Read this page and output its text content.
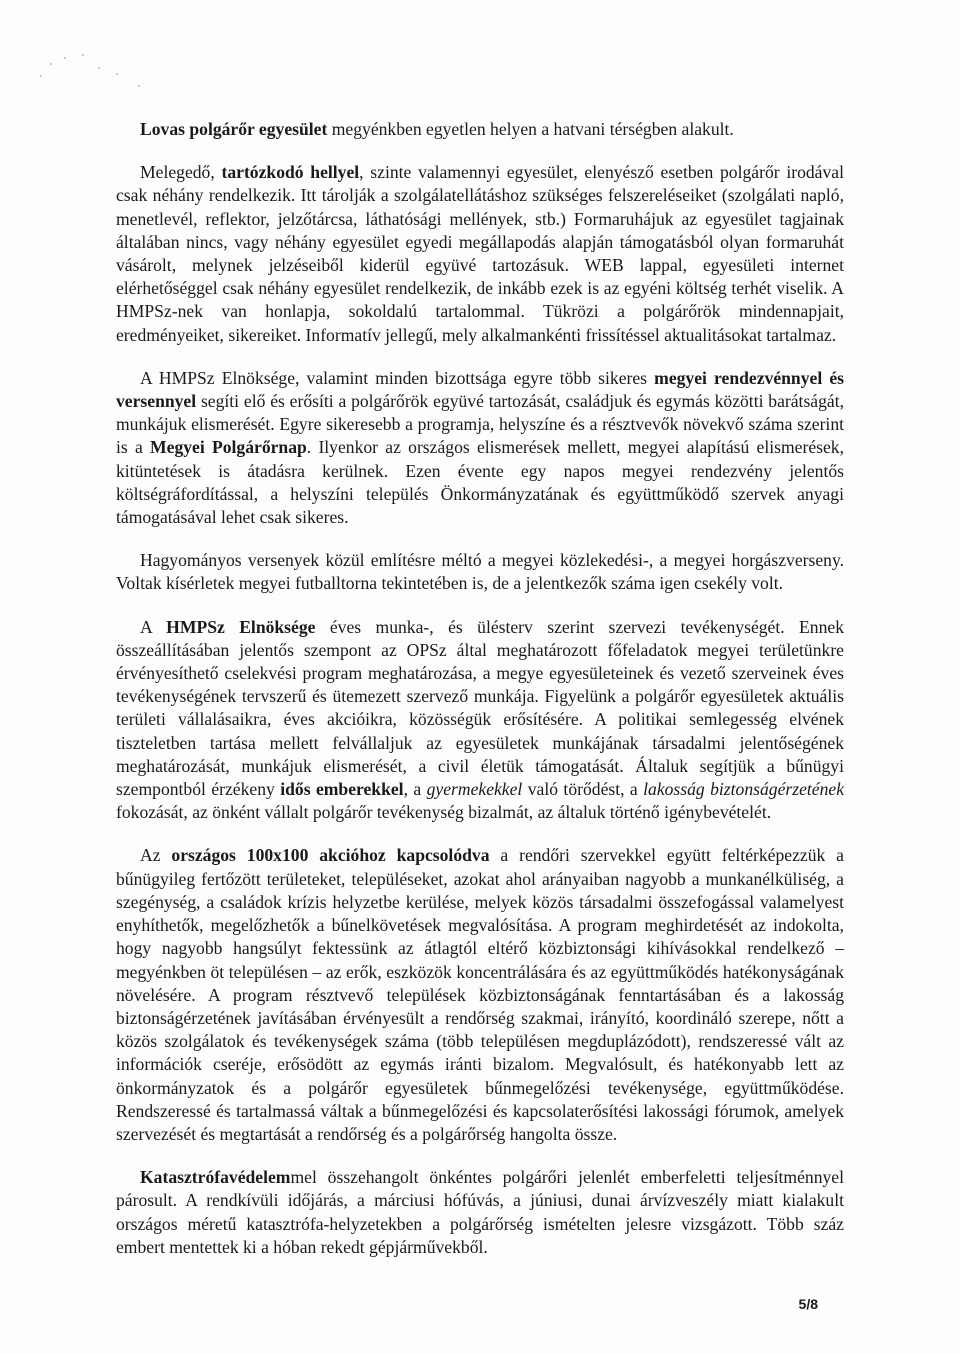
Lovas polgárőr egyesület megyénkben egyetlen helyen a hatvani térségben alakult.

Melegedő, tartózkodó hellyel, szinte valamennyi egyesület, elenyésző esetben polgárőr irodával csak néhány rendelkezik. Itt tárolják a szolgálatellátáshoz szükséges felszereléseiket (szolgálati napló, menetlevél, reflektor, jelzőtárcsa, láthatósági mellények, stb.) Formaruhájuk az egyesület tagjainak általában nincs, vagy néhány egyesület egyedi megállapodás alapján támogatásból olyan formaruhát vásárolt, melynek jelzéseiből kiderül együvé tartozásuk. WEB lappal, egyesületi internet elérhetőséggel csak néhány egyesület rendelkezik, de inkább ezek is az egyéni költség terhét viselik. A HMPSz-nek van honlapja, sokoldalú tartalommal. Tükrözi a polgárőrök mindennapjait, eredményeiket, sikereiket. Informatív jellegű, mely alkalmankénti frissítéssel aktualitásokat tartalmaz.

A HMPSz Elnöksége, valamint minden bizottsága egyre több sikeres megyei rendezvénnyel és versennyel segíti elő és erősíti a polgárőrök együvé tartozását, családjuk és egymás közötti barátságát, munkájuk elismerését. Egyre sikeresebb a programja, helyszíne és a résztvevők növekvő száma szerint is a Megyei Polgárőrnap. Ilyenkor az országos elismerések mellett, megyei alapítású elismerések, kitüntetések is átadásra kerülnek. Ezen évente egy napos megyei rendezvény jelentős költségráfordítással, a helyszíni település Önkormányzatának és együttműködő szervek anyagi támogatásával lehet csak sikeres.

Hagyományos versenyek közül említésre méltó a megyei közlekedési-, a megyei horgászverseny. Voltak kísérletek megyei futballtorna tekintetében is, de a jelentkezők száma igen csekély volt.

A HMPSz Elnöksége éves munka-, és ülésterv szerint szervezi tevékenységét. Ennek összeállításában jelentős szempont az OPSz által meghatározott főfeladatok megyei területünkre érvényesíthető cselekvési program meghatározása, a megye egyesületeinek és vezető szerveinek éves tevékenységének tervszerű és ütemezett szervező munkája. Figyelünk a polgárőr egyesületek aktuális területi vállalásaikra, éves akcióikra, közösségük erősítésére. A politikai semlegesség elvének tiszteletben tartása mellett felvállaljuk az egyesületek munkájának társadalmi jelentőségének meghatározását, munkájuk elismerését, a civil életük támogatását. Általuk segítjük a bűnügyi szempontból érzékeny idős emberekkel, a gyermekekkel való törődést, a lakosság biztonságérzetének fokozását, az önként vállalt polgárőr tevékenység bizalmát, az általuk történő igénybevételét.

Az országos 100x100 akcióhoz kapcsolódva a rendőri szervekkel együtt feltérképezzük a bűnügyileg fertőzött területeket, településeket, azokat ahol arányaiban nagyobb a munkanélküliség, a szegénység, a családok krízis helyzetbe kerülése, melyek közös társadalmi összefogással valamelyest enyhíthetők, megelőzhetők a bűnelkövetések megvalósítása. A program meghirdetését az indokolta, hogy nagyobb hangsúlyt fektessünk az átlagtól eltérő közbiztonsági kihívásokkal rendelkező – megyénkben öt településen – az erők, eszközök koncentrálására és az együttműködés hatékonyságának növelésére. A program résztvevő települések közbiztonságának fenntartásában és a lakosság biztonságérzetének javításában érvényesült a rendőrség szakmai, irányító, koordináló szerepe, nőtt a közös szolgálatok és tevékenységek száma (több településen megduplázódott), rendszeressé vált az információk cseréje, erősödött az egymás iránti bizalom. Megvalósult, és hatékonyabb lett az önkormányzatok és a polgárőr egyesületek bűnmegelőzési tevékenysége, együttműködése. Rendszeressé és tartalmassá váltak a bűnmegelőzési és kapcsolaterősítési lakossági fórumok, amelyek szervezését és megtartását a rendőrség és a polgárőrség hangolta össze.

Katasztrófavédelemmel összehangolt önkéntes polgárőri jelenlét emberfeletti teljesítménnyel párosult. A rendkívüli időjárás, a márciusi hófúvás, a júniusi, dunai árvízveszély miatt kialakult országos méretű katasztrófa-helyzetekben a polgárőrség ismételten jelesre vizsgázott. Több száz embert mentettek ki a hóban rekedt gépjárművekből.

5/8
